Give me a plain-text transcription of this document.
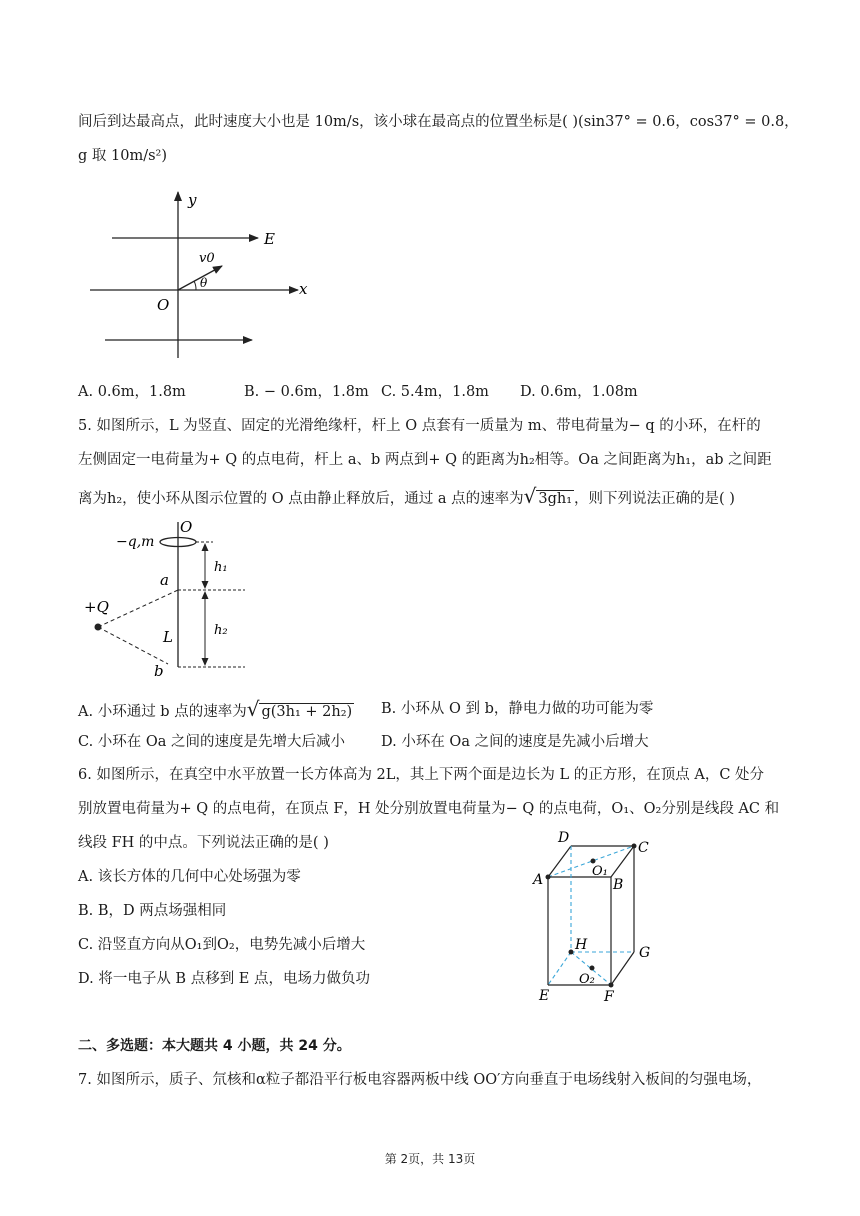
间后到达最高点，此时速度大小也是 10m/s，该小球在最高点的位置坐标是( )(sin37° = 0.6，cos37° = 0.8，
g 取 10m/s²)
y
E
v0
θ
O
x
A. 0.6m，1.8m	B. − 0.6m，1.8m C. 5.4m，1.8m D. 0.6m，1.08m
5. 如图所示，L 为竖直、固定的光滑绝缘杆，杆上 O 点套有一质量为 m、带电荷量为− q 的小环，在杆的
左侧固定一电荷量为+ Q 的点电荷，杆上 a、b 两点到+ Q 的距离为h₂相等。Oa 之间距离为h₁，ab 之间距
离为h₂，使小环从图示位置的 O 点由静止释放后，通过 a 点的速率为√ 3gh₁ ，则下列说法正确的是( )
O
−q,m
h₁
a
+Q
L	h₂
b
A. 小环通过 b 点的速率为√ g(3h₁ + 2h₂) B. 小环从 O 到 b，静电力做的功可能为零
C. 小环在 Oa 之间的速度是先增大后减小 D. 小环在 Oa 之间的速度是先减小后增大
6. 如图所示，在真空中水平放置一长方体高为 2L，其上下两个面是边长为 L 的正方形，在顶点 A，C 处分
别放置电荷量为+ Q 的点电荷，在顶点 F，H 处分别放置电荷量为− Q 的点电荷，O₁、O₂分别是线段 AC 和
线段 FH 的中点。下列说法正确的是( )
A. 该长方体的几何中心处场强为零
B. B，D 两点场强相同
C. 沿竖直方向从O₁到O₂，电势先减小后增大
D. 将一电子从 B 点移到 E 点，电场力做负功
D
C
O₁
A	B
H	G
O₂
E	F
二、多选题：本大题共 4 小题，共 24 分。
7. 如图所示，质子、氘核和α粒子都沿平行板电容器两板中线 OO′方向垂直于电场线射入板间的匀强电场，
第 2页，共 13页
